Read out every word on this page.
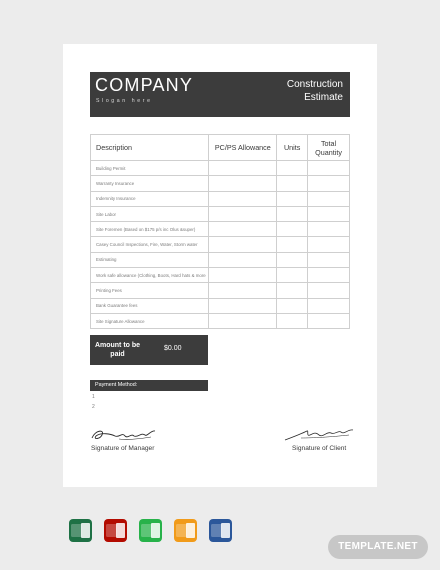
COMPANY
Slogan here
Construction
Estimate
Description	PC/PS Allowance	Units	Total Quantity
Building Permit			
Warranty Insurance			
Indemnity Insurance			
Site Labor			
Site Foremen (Based on $175 p/s inc Olus &super)			
Casey Council Inspections, Fire, Water, Storm water			
Estimating			
Work safe allowance (Clothing, Boots, Hard hats & more			
Printing Fees			
Bank Guarantee fees			
Site Signature Allowance			
Amount to be paid
$0.00
Payment Method:
1
2
Signature of Manager	Signature of Client
TEMPLATE.NET
